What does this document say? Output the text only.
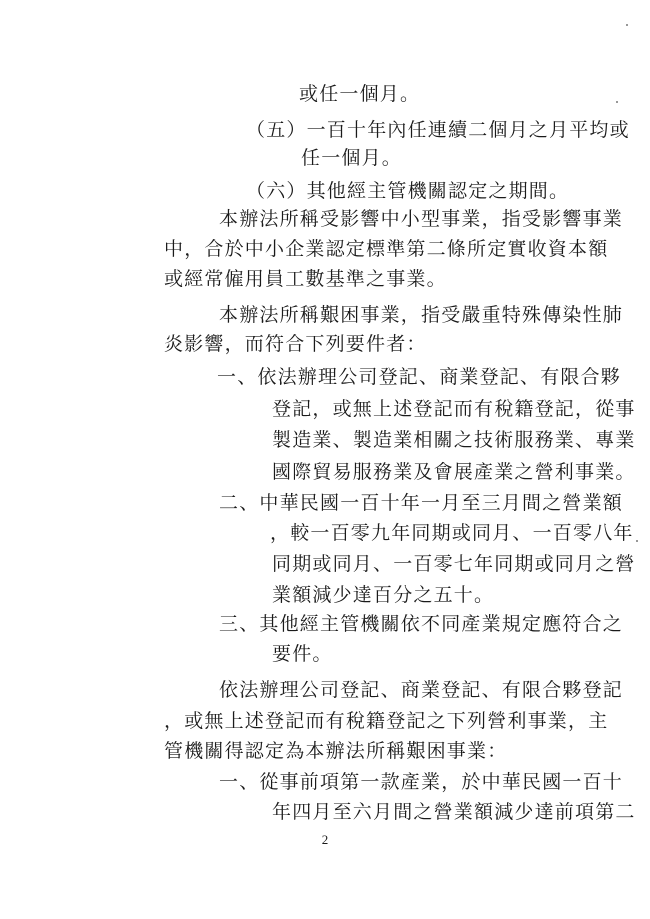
或任一個月。
（五）一百十年內任連續二個月之月平均或
任一個月。
（六）其他經主管機關認定之期間。
本辦法所稱受影響中小型事業，指受影響事業
中，合於中小企業認定標準第二條所定實收資本額
或經常僱用員工數基準之事業。
本辦法所稱艱困事業，指受嚴重特殊傳染性肺
炎影響，而符合下列要件者：
一、依法辦理公司登記、商業登記、有限合夥
登記，或無上述登記而有稅籍登記，從事
製造業、製造業相關之技術服務業、專業
國際貿易服務業及會展產業之營利事業。
二、中華民國一百十年一月至三月間之營業額
，較一百零九年同期或同月、一百零八年
同期或同月、一百零七年同期或同月之營
業額減少達百分之五十。
三、其他經主管機關依不同產業規定應符合之
要件。
依法辦理公司登記、商業登記、有限合夥登記
，或無上述登記而有稅籍登記之下列營利事業，主
管機關得認定為本辦法所稱艱困事業：
一、從事前項第一款產業，於中華民國一百十
年四月至六月間之營業額減少達前項第二
2
